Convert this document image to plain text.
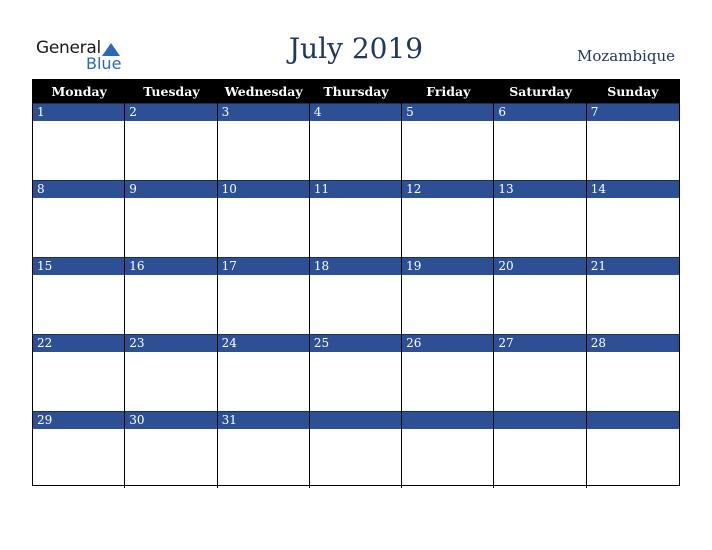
General
Blue	July 2019	Mozambique
Monday	Tuesday	Wednesday	Thursday	Friday	Saturday	Sunday
1	2	3	4	5	6	7
8	9	10	11	12	13	14
15	16	17	18	19	20	21
22	23	24	25	26	27	28
29	30	31
